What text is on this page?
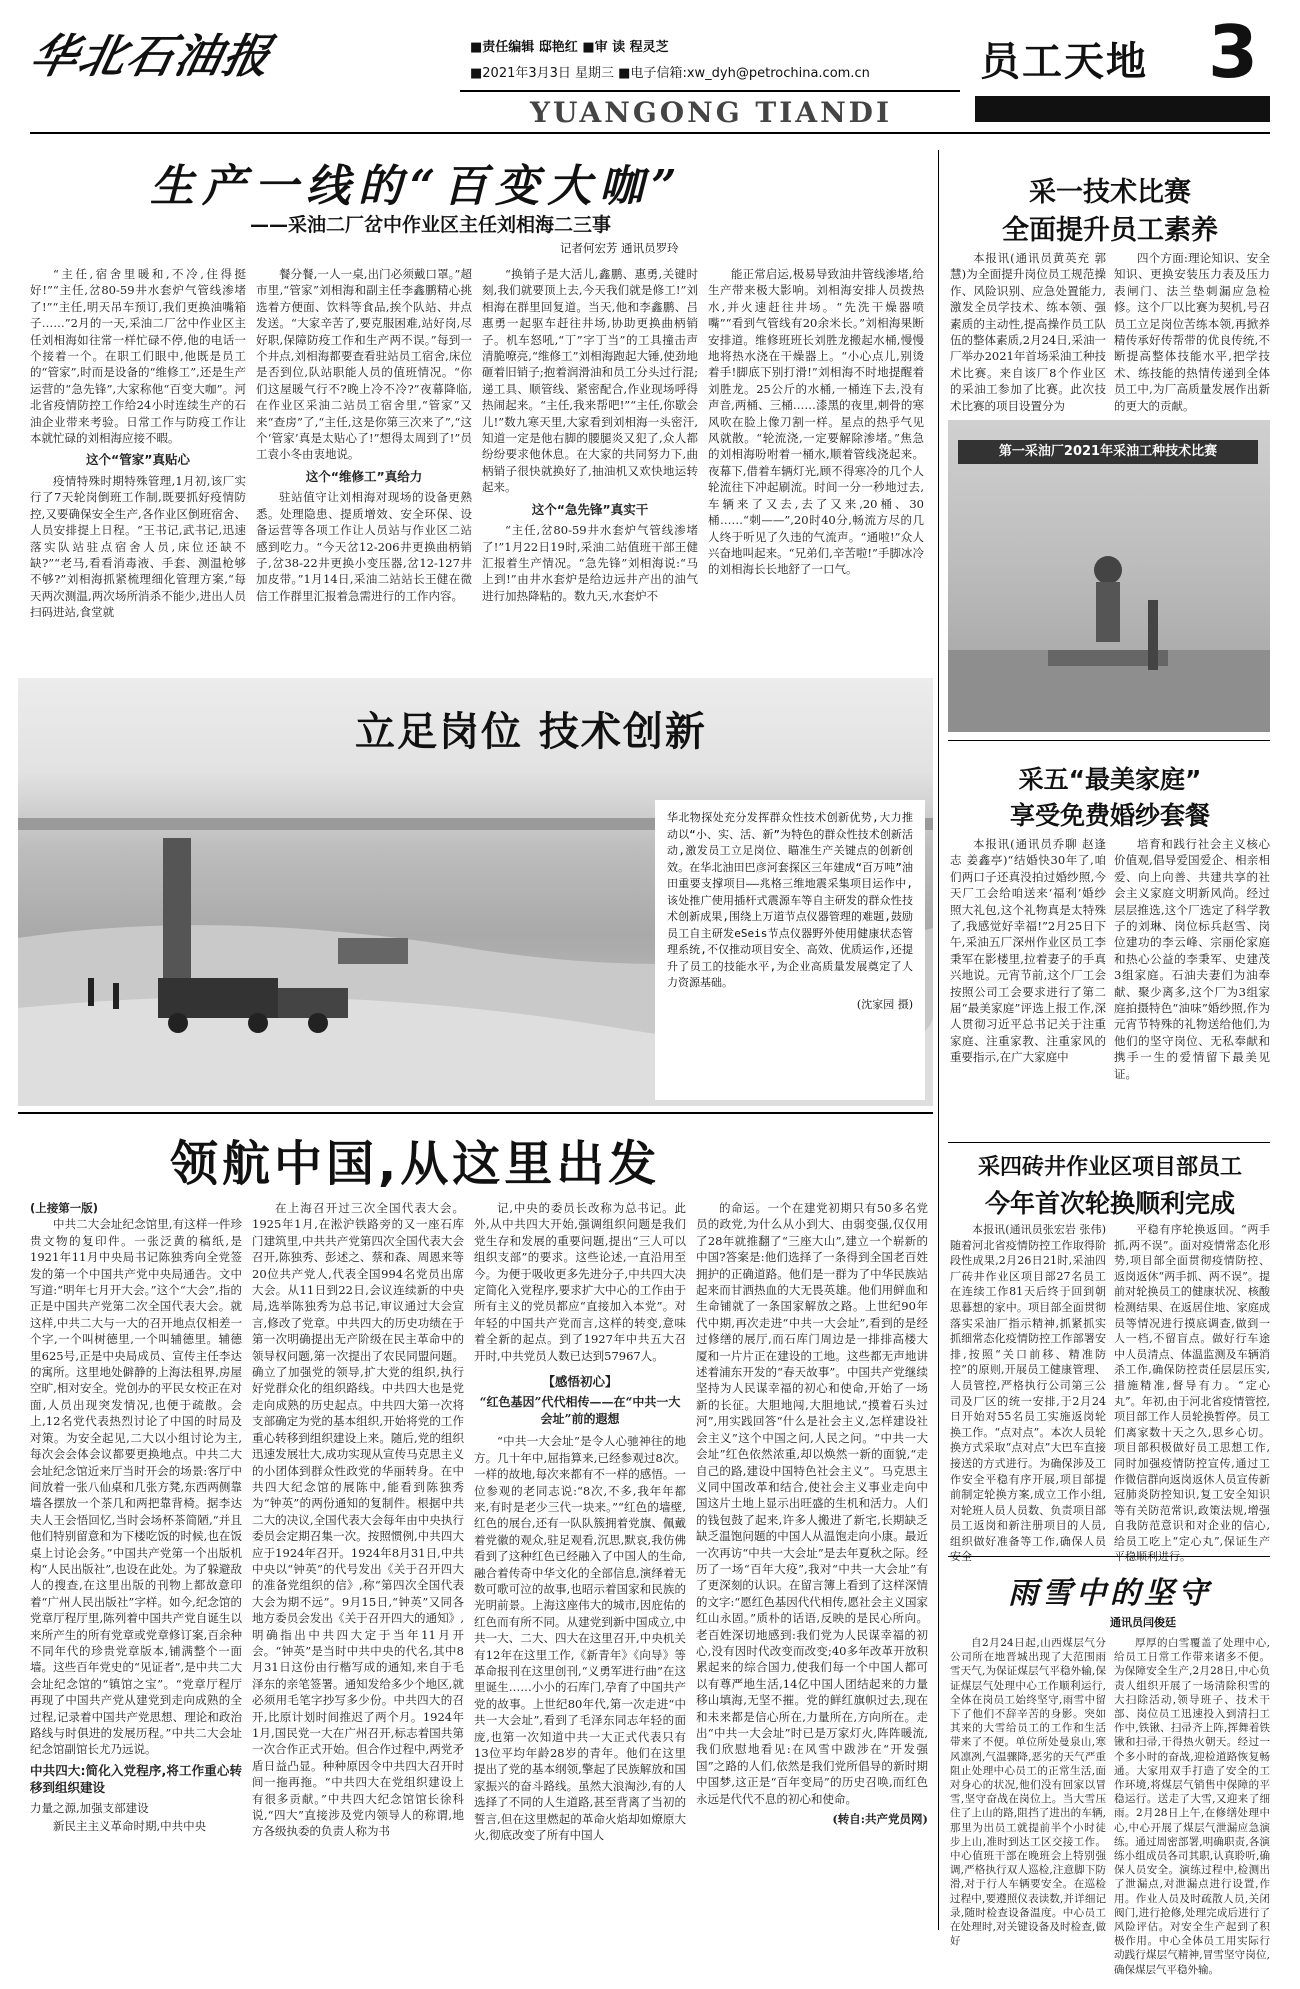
华北石油报	■责任编辑 邸艳红 ■审 读 程灵芝
■2021年3月3日 星期三 ■电子信箱:xw_dyh@petrochina.com.cn	员工天地 3
YUANGONG TIANDI
生产一线的“百变大咖”
——采油二厂岔中作业区主任刘相海二三事
记者何宏芳 通讯员罗玲

“主任,宿舍里暖和,不冷,住得挺好!”“主任,岔80-59井水套炉气管线渗堵了!”“主任,明天吊车预订,我们更换油嘴箱子……”2月的一天,采油二厂岔中作业区主任刘相海如往常一样忙碌不停,他的电话一个接着一个。在职工们眼中,他既是员工的“管家”,时而是设备的“维修工”,还是生产运营的“急先锋”,大家称他“百变大咖”。河北省疫情防控工作给24小时连续生产的石油企业带来考验。日常工作与防疫工作让本就忙碌的刘相海应接不暇。

这个“管家”真贴心

疫情特殊时期特殊管理,1月初,该厂实行了7天轮岗倒班工作制,既要抓好疫情防控,又要确保安全生产,各作业区倒班宿舍、人员安排提上日程。“王书记,武书记,迅速落实队站驻点宿舍人员,床位还缺不缺?”“老马,看看消毒液、手套、测温枪够不够?”刘相海抓紧梳理细化管理方案,“每天两次测温,两次场所消杀不能少,进出人员扫码进站,食堂就

餐分餐,一人一桌,出门必须戴口罩。”超市里,“管家”刘相海和副主任李鑫鹏精心挑选着方便面、饮料等食品,挨个队站、井点发送。“大家辛苦了,要克服困难,站好岗,尽好职,保障防疫工作和生产两不误。”每到一个井点,刘相海都要查看驻站员工宿舍,床位是否到位,队站职能人员的值班情况。“你们这屋暖气行不?晚上冷不冷?”夜幕降临,在作业区采油二站员工宿舍里,“管家”又来“查房”了,“主任,这是你第三次来了”,“这个‘管家’真是太贴心了!”想得太周到了!”员工袁小冬由衷地说。

这个“维修工”真给力

驻站值守让刘相海对现场的设备更熟悉。处理隐患、提质增效、安全环保、设备运营等各项工作让人员站与作业区二站感到吃力。“今天岔12-206井更换曲柄销子,岔38-22井更换小变压器,岔12-127井加皮带。”1月14日,采油二站站长王健在微信工作群里汇报着急需进行的工作内容。

“换销子是大活儿,鑫鹏、惠勇,关键时刻,我们就要顶上去,今天我们就是修工!”刘相海在群里回复道。当天,他和李鑫鹏、吕惠勇一起驱车赶往井场,协助更换曲柄销子。机车怒吼,“丁”字丁当”的工具撞击声清脆嘹亮,“维修工”刘相海跑起大锤,使劲地砸着旧销子;抱着润滑油和员工分头过行混;递工具、顺管线、紧密配合,作业现场呼得热闹起来。“主任,我来帮吧!”“主任,你歇会儿!”数九寒天里,大家看到刘相海一头密汗,知道一定是他右脚的腰腿炎又犯了,众人都纷纷要求他休息。在大家的共同努力下,曲柄销子很快就换好了,抽油机又欢快地运转起来。

这个“急先锋”真实干

“主任,岔80-59井水套炉气管线渗堵了!”1月22日19时,采油二站值班干部王健汇报着生产情况。“急先锋”刘相海说:“马上到!”由井水套炉是给边远井产出的油气进行加热降粘的。数九天,水套炉不

能正常启运,极易导致油井管线渗堵,给生产带来极大影响。刘相海安排人员拨热水,并火速赶往井场。“先洗干燥器喷嘴”“看到气管线有20余米长。”刘相海果断安排道。维修班班长刘胜龙搬起水桶,慢慢地将热水浇在干燥器上。“小心点儿,别烫着手!脚底下别打滑!”刘相海不时地提醒着刘胜龙。25公斤的水桶,一桶连下去,没有声音,两桶、三桶……漆黑的夜里,刺骨的寒风吹在脸上像刀割一样。星点的热乎气见风就散。“轮流浇,一定要解除渗堵。”焦急的刘相海吩咐着一桶水,顺着管线浇起来。夜幕下,借着车辆灯光,顾不得寒冷的几个人轮流往下冲起刷流。时间一分一秒地过去,车辆来了又去,去了又来,20桶、30桶……“刺——”,20时40分,畅流方尽的几人终于听见了久违的气流声。“通啦!”众人兴奋地叫起来。“兄弟们,辛苦啦!”手脚冰冷的刘相海长长地舒了一口气。

立足岗位 技术创新
华北物探处充分发挥群众性技术创新优势,大力推动以“小、实、活、新”为特色的群众性技术创新活动,激发员工立足岗位、瞄准生产关键点的创新创效。在华北油田巴彦河套探区三年建成“百万吨”油田重要支撑项目——兆格三维地震采集项目运作中,该处推广使用插杆式震源车等自主研发的群众性技术创新成果,围绕上万道节点仪器管理的难题,鼓励员工自主研发eSeis节点仪器野外使用健康状态管理系统,不仅推动项目安全、高效、优质运作,还提升了员工的技能水平,为企业高质量发展奠定了人力资源基础。
(沈家园 摄)
领航中国,从这里出发
(上接第一版)

中共二大会址纪念馆里,有这样一件珍贵文物的复印件。一张泛黄的稿纸,是1921年11月中央局书记陈独秀向全党签发的第一个中国共产党中央局通告。文中写道:“明年七月开大会。”这个“大会”,指的正是中国共产党第二次全国代表大会。就这样,中共二大与一大的召开地点仅相差一个字,一个叫树德里,一个叫辅德里。辅德里625号,正是中央局成员、宣传主任李达的寓所。这里地处僻静的上海法租界,房屋空旷,相对安全。党创办的平民女校正在对面,人员出现突发情况,也便于疏散。会上,12名党代表热烈讨论了中国的时局及对策。为安全起见,二大以小组讨论为主,每次会会体会议都要更换地点。中共二大会址纪念馆近来厅当时开会的场景:客厅中间放着一张八仙桌和几张方凳,东西两侧靠墙各摆放一个茶几和两把靠背椅。据李达夫人王会悟回忆,当时会场杯茶简陋,“并且他们特别留意和为下楼吃饭的时候,也在饭桌上讨论会务。”中国共产党第一个出版机构“人民出版社”,也设在此处。为了躲避敌人的搜查,在这里出版的刊物上都故意印着“广州人民出版社”字样。如今,纪念馆的党章厅程厅里,陈列着中国共产党自诞生以来所产生的所有党章或党章修订案,百余种不同年代的珍贵党章版本,铺满整个一面墙。这些百年党史的“见证者”,是中共二大会址纪念馆的“镇馆之宝”。“党章厅程厅再现了中国共产党从建党到走向成熟的全过程,记录着中国共产党思想、理论和政治路线与时俱进的发展历程。”中共二大会址纪念馆副馆长尤乃远说。

中共四大:简化入党程序,将工作重心转移到组织建设
力量之源,加强支部建设

新民主主义革命时期,中共中央

在上海召开过三次全国代表大会。1925年1月,在淞沪铁路旁的又一座石库门建筑里,中共共产党第四次全国代表大会召开,陈独秀、彭述之、蔡和森、周恩来等20位共产党人,代表全国994名党员出席大会。从11日到22日,会议连续新的中央局,选举陈独秀为总书记,审议通过大会宣言,修改了党章。中共四大的历史功绩在于第一次明确提出无产阶级在民主革命中的领导权问题,第一次提出了农民同盟问题。确立了加强党的领导,扩大党的组织,执行好党群众化的组织路线。中共四大也是党走向成熟的历史起点。中共四大第一次将支部确定为党的基本组织,开始将党的工作重心转移到组织建设上来。随后,党的组织迅速发展壮大,成功实现从宣传马克思主义的小团体到群众性政党的华丽转身。在中共四大纪念馆的展陈中,能看到陈独秀为“钟英”的两份通知的复制件。根据中共二大的决议,全国代表大会每年由中央执行委员会定期召集一次。按照惯例,中共四大应于1924年召开。1924年8月31日,中共中央以“钟英”的代号发出《关于召开四大的准备党组织的信》,称“第四次全国代表大会为期不远”。9月15日,“钟英”又同各地方委员会发出《关于召开四大的通知》,明确指出中共四大定于当年11月开会。“钟英”是当时中共中央的代名,其中8月31日这份由行楷写成的通知,来自于毛泽东的亲笔签署。通知发给多少个地区,就必须用毛笔字抄写多少份。中共四大的召开,比原计划时间推迟了两个月。1924年1月,国民党一大在广州召开,标志着国共第一次合作正式开始。但合作过程中,两党矛盾日益凸显。种种原因令中共四大召开时间一拖再拖。“中共四大在党组织建设上有很多贡献。”中共四大纪念馆馆长徐科说,“四大”直接涉及党内领导人的称谓,地方各级执委的负责人称为书

记,中央的委员长改称为总书记。此外,从中共四大开始,强调组织问题是我们党生存和发展的重要问题,提出“三人可以组织支部”的要求。这些论述,一直沿用至今。为便于吸收更多先进分子,中共四大决定简化入党程序,要求扩大中心的工作由于所有主义的党员都应“直接加入本党”。对年轻的中国共产党而言,这样的转变,意味着全新的起点。到了1927年中共五大召开时,中共党员人数已达到57967人。

【感悟初心】
“红色基因”代代相传——在“中共一大会址”前的遐想

“中共一大会址”是令人心驰神往的地方。几十年中,屈指算来,已经参观过8次。一样的故地,每次来都有不一样的感悟。一位参观的老同志说:“8次,不多,我年年都来,有时是老少三代一块来。”“红色的墙壁,红色的展台,还有一队队簇拥着党旗、佩戴着党徽的观众,驻足观看,沉思,默哀,我仿佛看到了这种红色已经融入了中国人的生命,融合着传奇中华文化的全部信息,演绎着无数可歌可泣的故事,也昭示着国家和民族的光明前景。上海这座伟大的城市,因庇佑的红色而有所不同。从建党到新中国成立,中共一大、二大、四大在这里召开,中央机关有12年在这里工作,《新青年》《向导》等革命报刊在这里创刊,“义勇军进行曲”在这里诞生……小小的石库门,孕育了中国共产党的故事。上世纪80年代,第一次走进“中共一大会址”,看到了毛泽东同志年轻的面庞,也第一次知道中共一大正式代表只有13位平均年龄28岁的青年。他们在这里提出了党的基本纲领,擎起了民族解放和国家振兴的奋斗路线。虽然大浪淘沙,有的人选择了不同的人生道路,甚至背离了当初的誓言,但在这里燃起的革命火焰却如燎原大火,彻底改变了所有中国人

的命运。一个在建党初期只有50多名党员的政党,为什么从小到大、由弱变强,仅仅用了28年就推翻了“三座大山”,建立一个崭新的中国?答案是:他们选择了一条得到全国老百姓拥护的正确道路。他们是一群为了中华民族站起来而甘洒热血的大无畏英雄。他们用鲜血和生命铺就了一条国家解放之路。上世纪90年代中期,再次走进“中共一大会址”,看到的是经过修缮的展厅,而石库门周边是一排排高楼大厦和一片片正在建设的工地。这些都无声地讲述着浦东开发的“春天故事”。中国共产党继续坚持为人民谋幸福的初心和使命,开始了一场新的长征。大胆地闯,大胆地试,“摸着石头过河”,用实践回答“什么是社会主义,怎样建设社会主义”这个中国之问,人民之问。“中共一大会址”红色依然浓重,却以焕然一新的面貌,“走自己的路,建设中国特色社会主义”。马克思主义同中国改革和结合,使社会主义事业走向中国这片土地上显示出旺盛的生机和活力。人们的钱包鼓了起来,许多人搬进了新宅,长期缺乏缺乏温饱问题的中国人从温饱走向小康。最近一次再访“中共一大会址”是去年夏秋之际。经历了一场“百年大疫”,我对“中共一大会址”有了更深刻的认识。在留言簿上看到了这样深情的文字:“愿红色基因代代相传,愿社会主义国家红山永固。”质朴的话语,反映的是民心所向。老百姓深切地感到:我们党为人民谋幸福的初心,没有因时代改变而改变;40多年改革开放积累起来的综合国力,使我们每一个中国人都可以有尊严地生活,14亿中国人团结起来的力量移山填海,无坚不摧。党的鲜红旗帜过去,现在和未来都是信心所在,力量所在,方向所在。走出“中共一大会址”时已是万家灯火,阵阵暖流,我们欣慰地看见:在风雪中跋涉在“开发强国”之路的人们,依然是我们党所倡导的新时期中国梦,这正是“百年变局”的历史召唤,而红色永远是代代不息的初心和使命。

(转自:共产党员网)
采一技术比赛
全面提升员工素养

本报讯(通讯员黄英充 郭慧)为全面提升岗位员工规范操作、风险识别、应急处置能力,激发全员学技术、练本领、强素质的主动性,提高操作员工队伍的整体素质,2月24日,采油一厂举办2021年首场采油工种技术比赛。来自该厂8个作业区的采油工参加了比赛。此次技术比赛的项目设置分为

四个方面:理论知识、安全知识、更换安装压力表及压力表闸门、法兰垫刺漏应急检修。这个厂以比赛为契机,号召员工立足岗位苦练本领,再掀养精传承好传帮带的优良传统,不断提高整体技能水平,把学技术、练技能的热情传递到全体员工中,为厂高质量发展作出新的更大的贡献。

第一采油厂2021年采油工种技术比赛
采五“最美家庭”
享受免费婚纱套餐

本报讯(通讯员乔聊 赵逢志 姜鑫亭)“结婚快30年了,咱们两口子还真没拍过婚纱照,今天厂工会给咱送来‘福利’婚纱照大礼包,这个礼物真是太特殊了,我感觉好幸福!”2月25日下午,采油五厂深州作业区员工李秉军在影楼里,拉着妻子的手真兴地说。元宵节前,这个厂工会按照公司工会要求进行了第二届“最美家庭”评选上报工作,深人贯彻习近平总书记关于注重家庭、注重家教、注重家风的重要指示,在广大家庭中

培育和践行社会主义核心价值观,倡导爱国爱企、相亲相爱、向上向善、共建共享的社会主义家庭文明新风尚。经过层层推选,这个厂选定了科学教子的刘琳、岗位标兵赵雪、岗位建功的李云峰、宗丽伦家庭和热心公益的李秉军、史建茂3组家庭。石油夫妻们为油奉献、聚少离多,这个厂为3组家庭拍摄特色“油味”婚纱照,作为元宵节特殊的礼物送给他们,为他们的坚守岗位、无私奉献和携手一生的爱情留下最美见证。

采四砖井作业区项目部员工
今年首次轮换顺利完成

本报讯(通讯员张宏岩 张伟)随着河北省疫情防控工作取得阶段性成果,2月26日21时,采油四厂砖井作业区项目部27名员工在连续工作81天后终于回到朝思暮想的家中。项目部全面贯彻落实采油厂指示精神,抓紧抓实抓细常态化疫情防控工作部署安排,按照“关口前移、精准防控”的原则,开展员工健康管理、人员管控,严格执行公司第三公司及厂区的统一安排,于2月24日开始对55名员工实施返岗轮换工作。“点对点”。本次人员轮换方式采取“点对点”大巴车直接接送的方式进行。为确保涉及工作安全平稳有序开展,项目部提前制定轮换方案,成立工作小组,对轮班人员人员数、负责项目部员工返岗和新注册项目的人员,组织做好准备等工作,确保人员

平稳有序轮换返回。“两手抓,两不误”。面对疫情常态化形势,项目部全面贯彻疫情防控、返岗返休“两手抓、两不误”。提前对轮换员工的健康状况、核酸检测结果、在返居住地、家庭成员等情况进行摸底调查,做到一人一档,不留盲点。做好行车途中人员清点、体温监测及车辆消杀工作,确保防控责任层层压实,措施精准,督导有力。“定心丸”。年初,由于河北省疫情管控,项目部工作人员轮换暂停。员工们离家数十天之久,思乡心切。项目部积极做好员工思想工作,同时加强疫情防控宣传,通过工作微信群向返岗返休人员宣传新冠肺炎防控知识,复工安全知识等有关防范常识,政策法规,增强自我防范意识和对企业的信心,给员工吃上“定心丸”,保证生产

雨雪中的坚守
通讯员闫俊廷

自2月24日起,山西煤层气分公司所在地晋城出现了大范围雨雪天气,为保证煤层气平稳外输,保证煤层气处理中心工作顺利运行,全体在岗员工始终坚守,雨雪中留下了他们不辞辛苦的身影。突如其来的大雪给员工的工作和生活带来了不便。单位所处曼泉山,寒风凛冽,气温骤降,恶劣的天气严重阻止处理中心员工的正常生活,面对身心的状况,他们没有回家以冒雪,坚守奋战在岗位上。当大雪压住了上山的路,阻挡了进出的车辆,那里为出员工就提前半个小时徒步上山,准时到达工区交接工作。中心值班干部在晚班会上特别强调,严格执行双人巡检,注意脚下防滑,对于行人车辆要安全。在巡检过程中,要遵照仪表读数,并详细记录,随时检查设备温度。中心员工在处理时,对关键设备及时检查,做好

厚厚的白雪覆盖了处理中心,给员工日常工作带来诸多不便。为保障安全生产,2月28日,中心负责人组织开展了一场清除积雪的大扫除活动,领导班子、技术干部、岗位员工迅速投入到清扫工作中,铁锹、扫帚齐上阵,挥舞着铁锹和扫帚,干得热火朝天。经过一个多小时的奋战,迎检道路恢复畅通。大家用双手打造了安全的工作环境,将煤层气销售中保障的平稳运行。送走了大雪,又迎来了细雨。2月28日上午,在修缮处理中心,中心开展了煤层气泄漏应急演练。通过周密部署,明确职责,各演练小组成员各司其职,认真聆听,确保人员安全。演练过程中,检测出了泄漏点,对泄漏点进行设置,作用。作业人员及时疏散人员,关闭阀门,进行抢修,处理完成后进行了风险评估。对安全生产起到了积极作用。中心全体员工用实际行动践行煤层气精神,冒雪坚守岗位,确保煤层气平稳外输。
